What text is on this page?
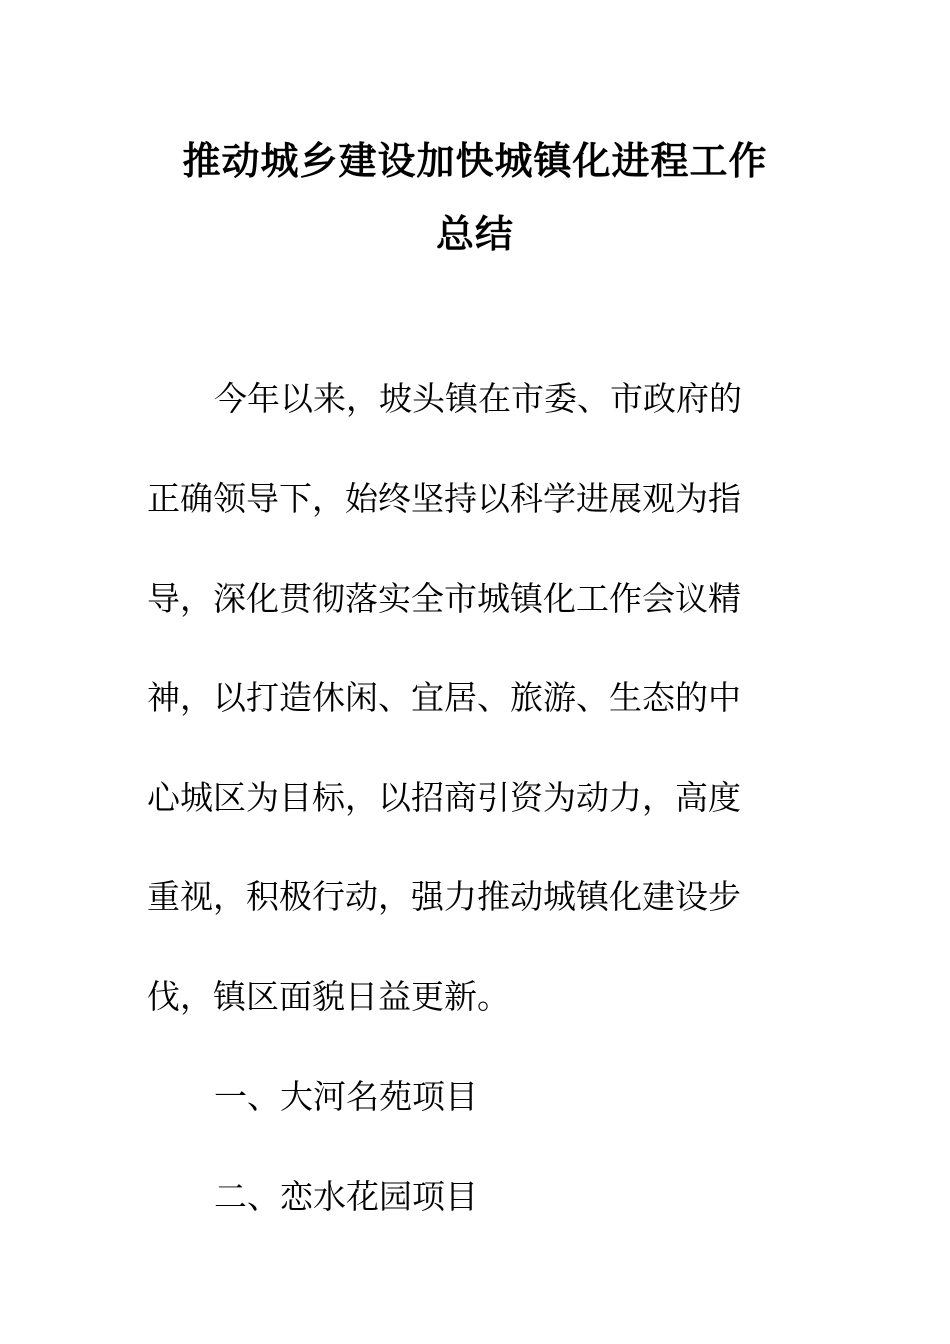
推动城乡建设加快城镇化进程工作
总结
今年以来，坡头镇在市委、市政府的
正确领导下，始终坚持以科学进展观为指
导，深化贯彻落实全市城镇化工作会议精
神，以打造休闲、宜居、旅游、生态的中
心城区为目标，以招商引资为动力，高度
重视，积极行动，强力推动城镇化建设步
伐，镇区面貌日益更新。
一、大河名苑项目
二、恋水花园项目
